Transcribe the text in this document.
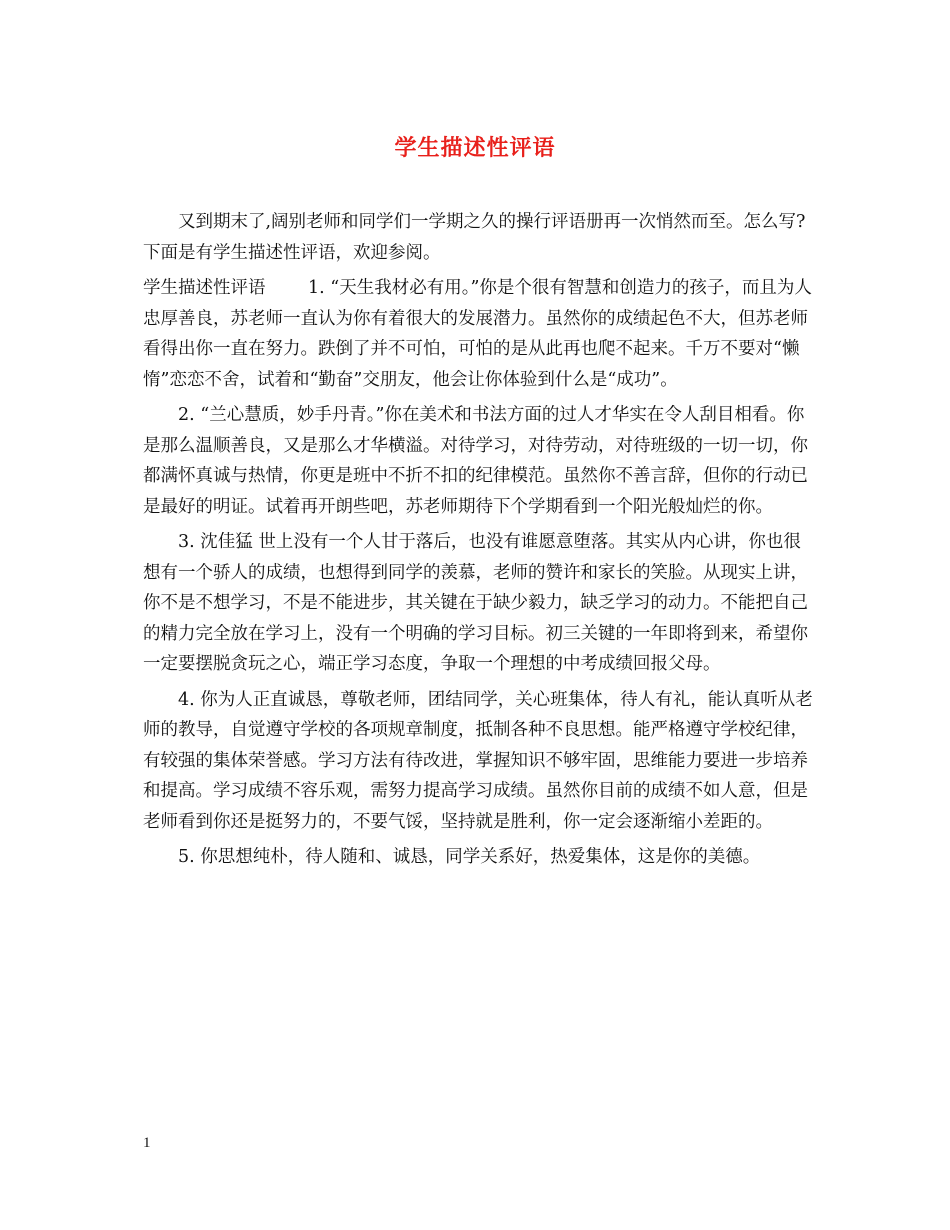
学生描述性评语

又到期末了,阔别老师和同学们一学期之久的操行评语册再一次悄然而至。怎么写?下面是有学生描述性评语，欢迎参阅。

学生描述性评语 1. “天生我材必有用。”你是个很有智慧和创造力的孩子，而且为人忠厚善良，苏老师一直认为你有着很大的发展潜力。虽然你的成绩起色不大，但苏老师看得出你一直在努力。跌倒了并不可怕，可怕的是从此再也爬不起来。千万不要对“懒惰”恋恋不舍，试着和“勤奋”交朋友，他会让你体验到什么是“成功”。

2. “兰心慧质，妙手丹青。”你在美术和书法方面的过人才华实在令人刮目相看。你是那么温顺善良，又是那么才华横溢。对待学习，对待劳动，对待班级的一切一切，你都满怀真诚与热情，你更是班中不折不扣的纪律模范。虽然你不善言辞，但你的行动已是最好的明证。试着再开朗些吧，苏老师期待下个学期看到一个阳光般灿烂的你。

3. 沈佳猛 世上没有一个人甘于落后，也没有谁愿意堕落。其实从内心讲，你也很想有一个骄人的成绩，也想得到同学的羡慕，老师的赞许和家长的笑脸。从现实上讲，你不是不想学习，不是不能进步，其关键在于缺少毅力，缺乏学习的动力。不能把自己的精力完全放在学习上，没有一个明确的学习目标。初三关键的一年即将到来，希望你一定要摆脱贪玩之心，端正学习态度，争取一个理想的中考成绩回报父母。

4. 你为人正直诚恳，尊敬老师，团结同学，关心班集体，待人有礼，能认真听从老师的教导，自觉遵守学校的各项规章制度，抵制各种不良思想。能严格遵守学校纪律，有较强的集体荣誉感。学习方法有待改进，掌握知识不够牢固，思维能力要进一步培养和提高。学习成绩不容乐观，需努力提高学习成绩。虽然你目前的成绩不如人意，但是老师看到你还是挺努力的，不要气馁，坚持就是胜利，你一定会逐渐缩小差距的。

5. 你思想纯朴，待人随和、诚恳，同学关系好，热爱集体，这是你的美德。

1
